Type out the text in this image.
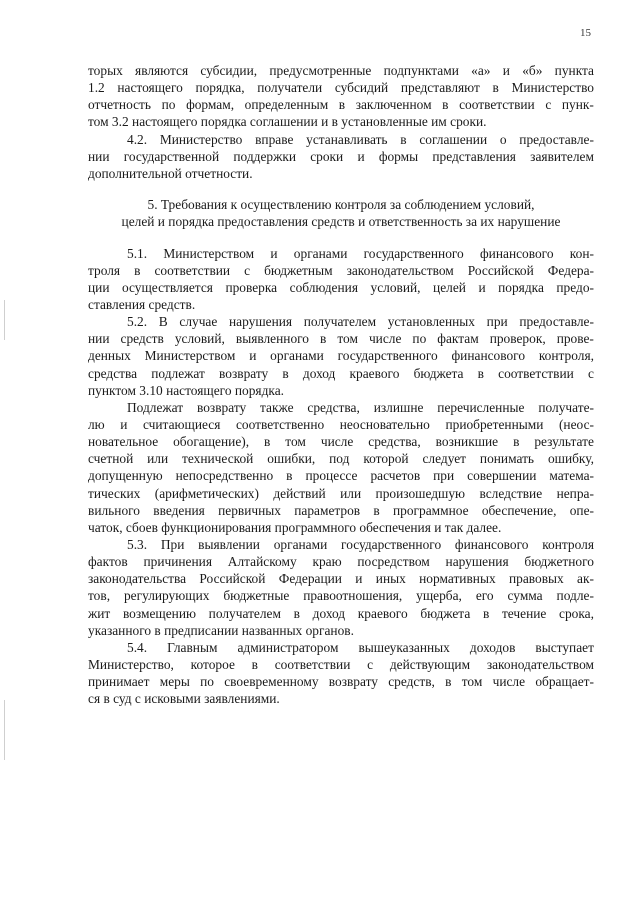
15
торых являются субсидии, предусмотренные подпунктами «а» и «б» пункта
1.2 настоящего порядка, получатели субсидий представляют в Министерство
отчетность по формам, определенным в заключенном в соответствии с пунк-
том 3.2 настоящего порядка соглашении и в установленные им сроки.
4.2. Министерство вправе устанавливать в соглашении о предоставле-
нии государственной поддержки сроки и формы представления заявителем
дополнительной отчетности.
5. Требования к осуществлению контроля за соблюдением условий,
целей и порядка предоставления средств и ответственность за их нарушение
5.1. Министерством и органами государственного финансового кон-
троля в соответствии с бюджетным законодательством Российской Федера-
ции осуществляется проверка соблюдения условий, целей и порядка предо-
ставления средств.
5.2. В случае нарушения получателем установленных при предоставле-
нии средств условий, выявленного в том числе по фактам проверок, прове-
денных Министерством и органами государственного финансового контроля,
средства подлежат возврату в доход краевого бюджета в соответствии с
пунктом 3.10 настоящего порядка.
Подлежат возврату также средства, излишне перечисленные получате-
лю и считающиеся соответственно неосновательно приобретенными (неос-
новательное обогащение), в том числе средства, возникшие в результате
счетной или технической ошибки, под которой следует понимать ошибку,
допущенную непосредственно в процессе расчетов при совершении матема-
тических (арифметических) действий или произошедшую вследствие непра-
вильного введения первичных параметров в программное обеспечение, опе-
чаток, сбоев функционирования программного обеспечения и так далее.
5.3. При выявлении органами государственного финансового контроля
фактов причинения Алтайскому краю посредством нарушения бюджетного
законодательства Российской Федерации и иных нормативных правовых ак-
тов, регулирующих бюджетные правоотношения, ущерба, его сумма подле-
жит возмещению получателем в доход краевого бюджета в течение срока,
указанного в предписании названных органов.
5.4. Главным администратором вышеуказанных доходов выступает
Министерство, которое в соответствии с действующим законодательством
принимает меры по своевременному возврату средств, в том числе обращает-
ся в суд с исковыми заявлениями.
